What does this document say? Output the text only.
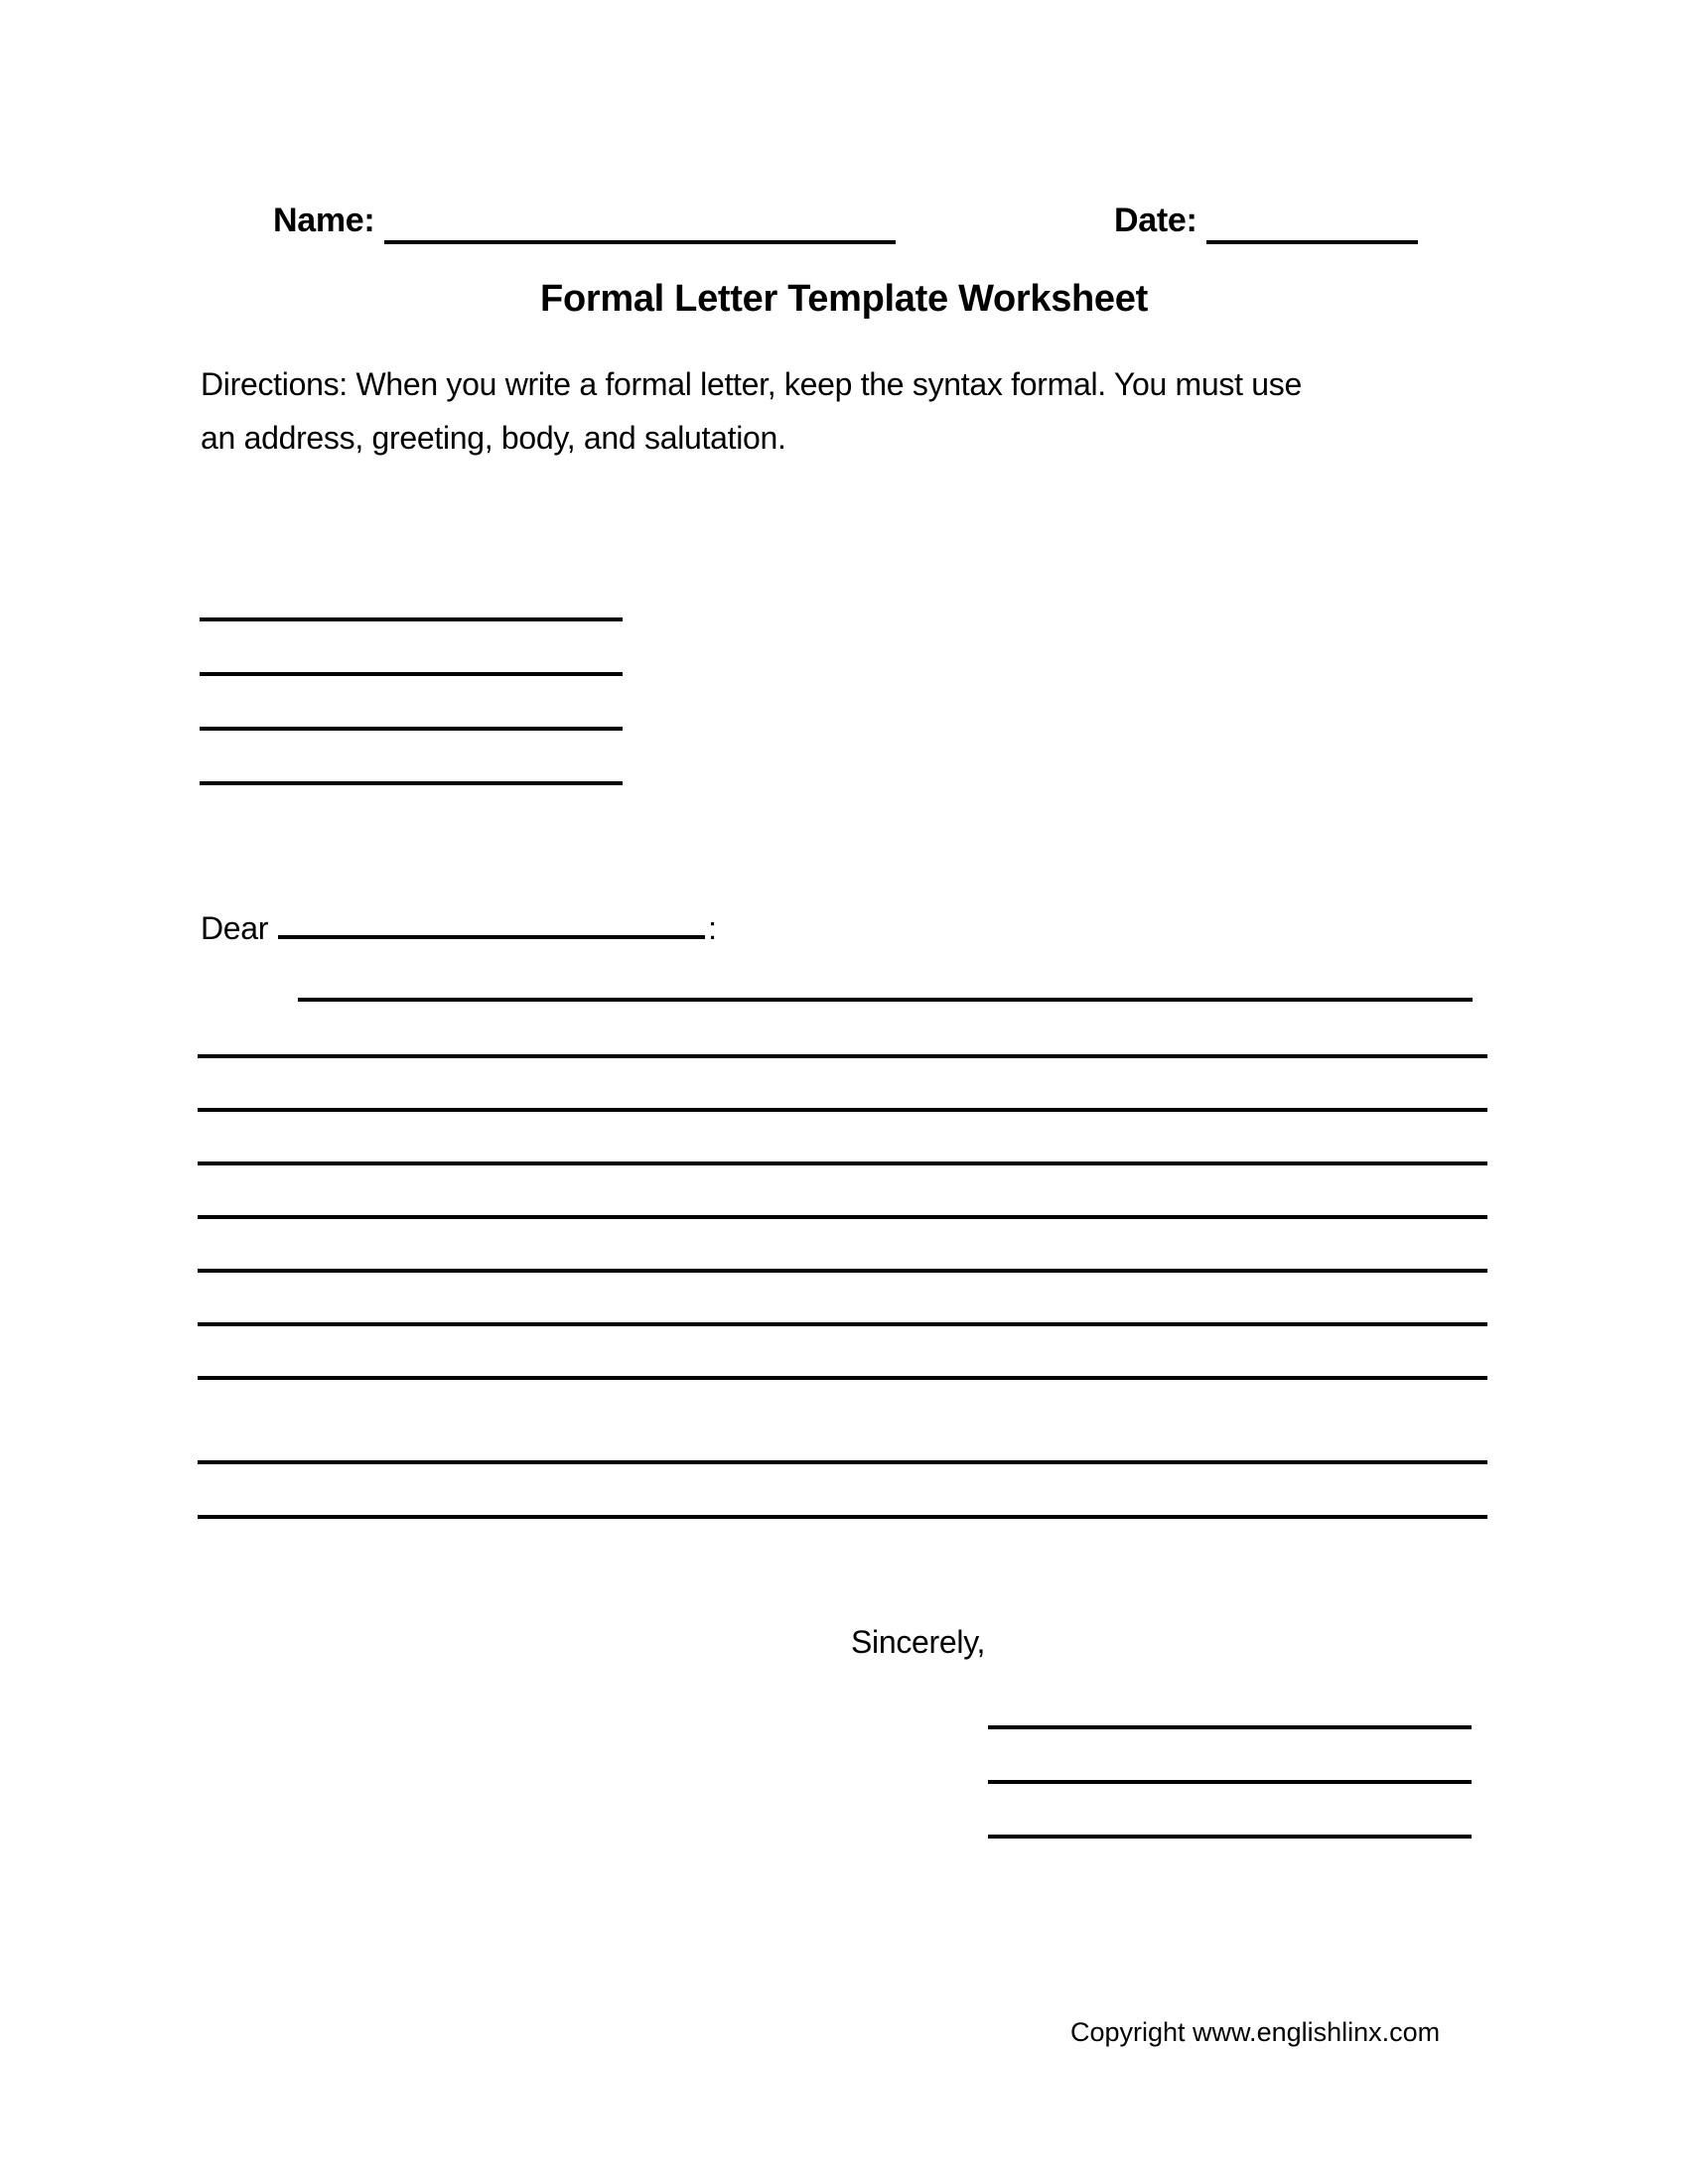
Name:	Date:
Formal Letter Template Worksheet
Directions: When you write a formal letter, keep the syntax formal. You must use
an address, greeting, body, and salutation.
Dear	:
Sincerely,
Copyright www.englishlinx.com
